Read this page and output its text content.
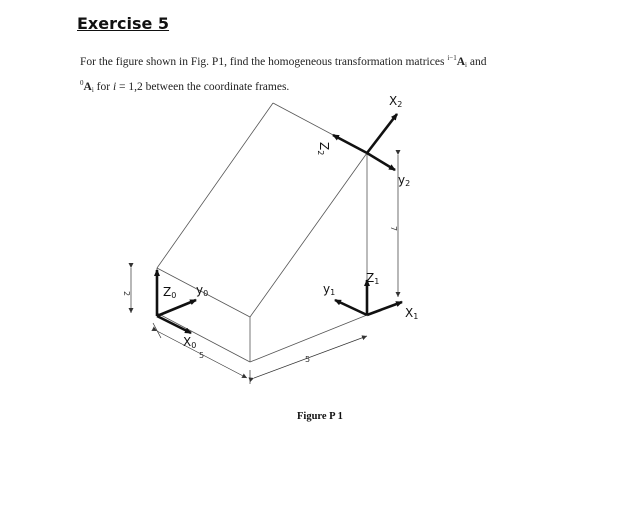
Exercise 5
For the figure shown in Fig. P1, find the homogeneous transformation matrices $^{i-1}A_i$ and
$^0A_i$ for i = 1,2 between the coordinate frames.
2
7
5	5
Z0 y0
X0
Z1
y1
X1
Z2
X2
y2
Figure P 1
